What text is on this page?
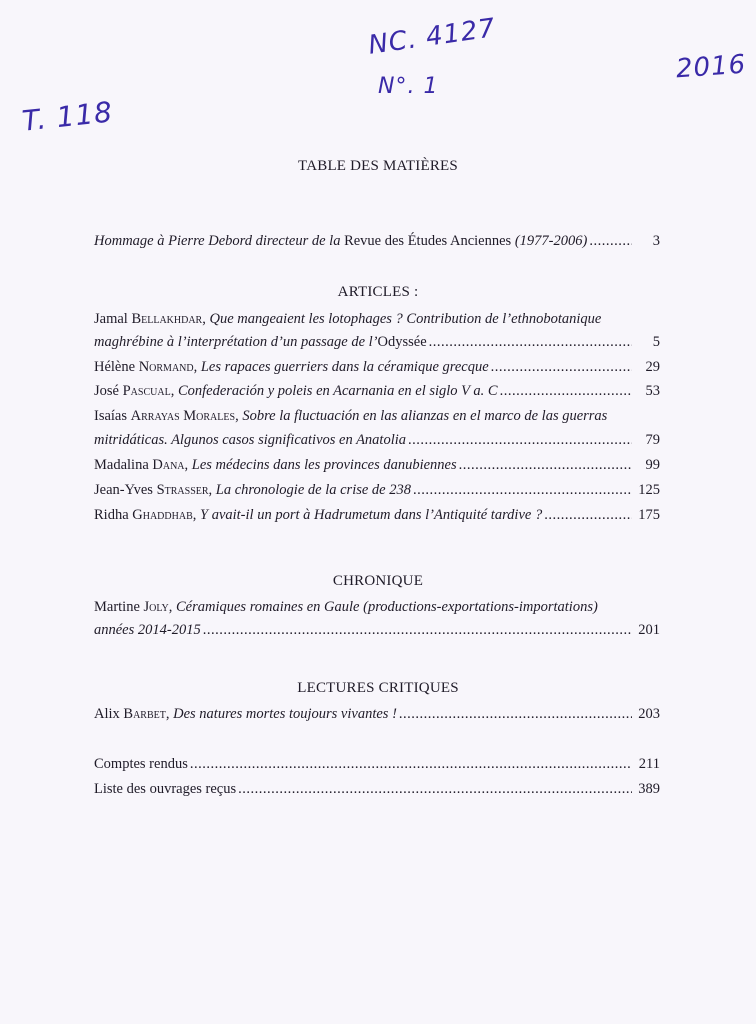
NC. 4127
N°. 1
2016
T. 118
TABLE DES MATIÈRES
Hommage à Pierre Debord directeur de la Revue des Études Anciennes (1977-2006) .....	3
ARTICLES :
Jamal Bellakhdar, Que mangeaient les lotophages ? Contribution de l’ethnobotanique
maghrébine à l’interprétation d’un passage de l’Odyssée .....	5
Hélène Normand, Les rapaces guerriers dans la céramique grecque .....	29
José Pascual, Confederación y poleis en Acarnania en el siglo V a. C .....	53
Isaías Arrayas Morales, Sobre la fluctuación en las alianzas en el marco de las guerras
mitridáticas. Algunos casos significativos en Anatolia .....	79
Madalina Dana, Les médecins dans les provinces danubiennes .....	99
Jean-Yves Strasser, La chronologie de la crise de 238 .....	125
Ridha Ghaddhab, Y avait-il un port à Hadrumetum dans l’Antiquité tardive ? .....	175
CHRONIQUE
Martine Joly, Céramiques romaines en Gaule (productions-exportations-importations)
années 2014-2015 .....	201
LECTURES CRITIQUES
Alix Barbet, Des natures mortes toujours vivantes ! .....	203
Comptes rendus .....	211
Liste des ouvrages reçus .....	389
